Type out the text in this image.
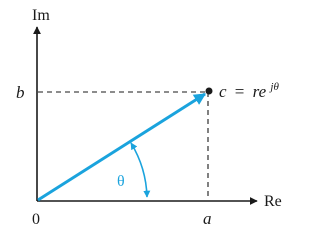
Im
Re
0	a
b
θ
c = re $^{j\theta}$
